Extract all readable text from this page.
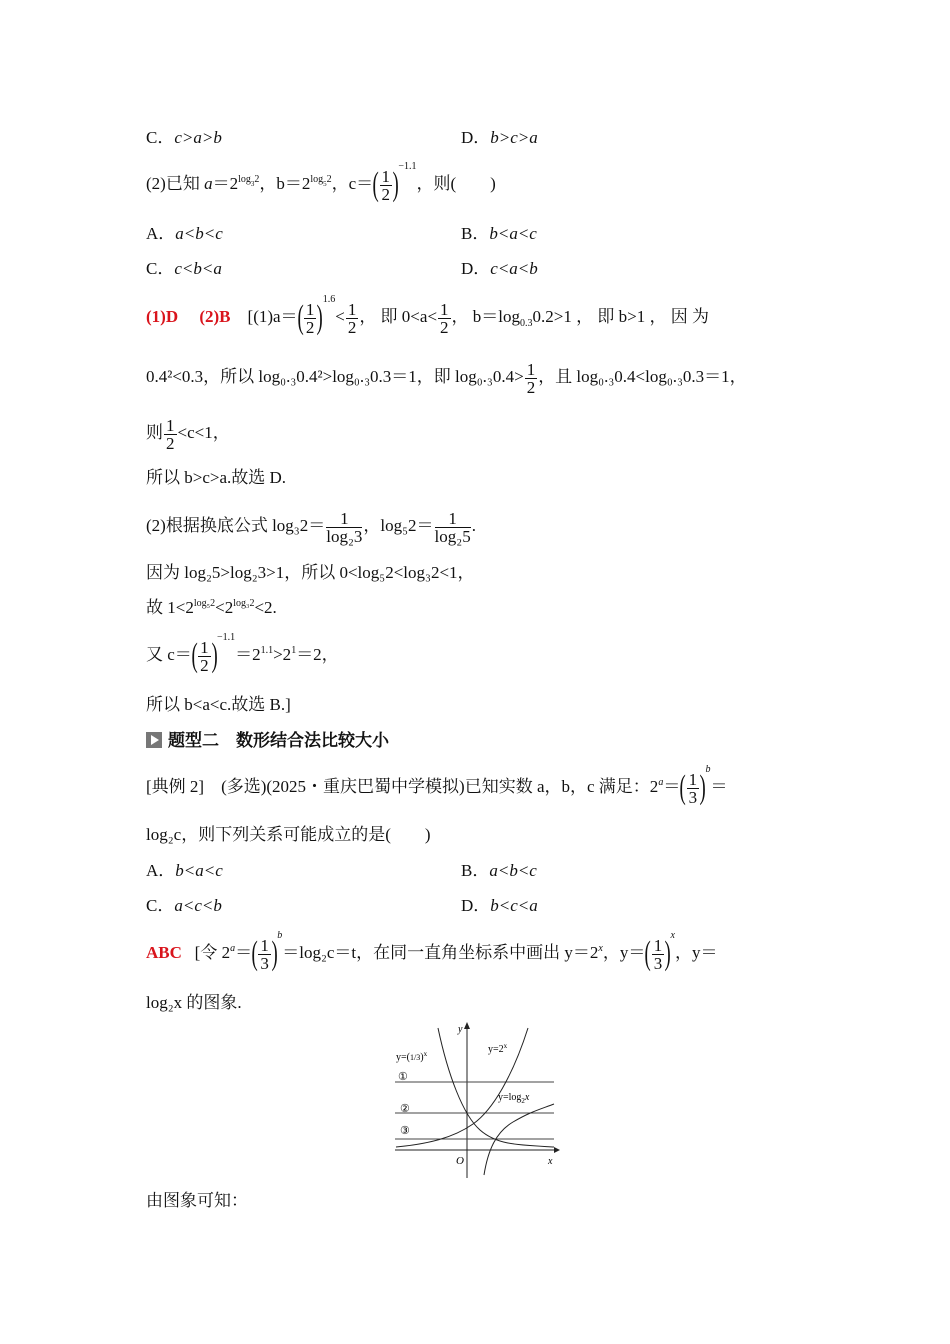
C．c>a>b	D．b>c>a
(2)已知 $a=2^{log_32}$，$b=2^{log_52}$，$c=( \frac{1}{2} )^{-1.1}$，则(　　)
A．a<b<c	B．b<a<c
C．c<b<a	D．c<a<b
(1)D (2)B [$(1)a=( \frac{1}{2} )^{1.6}< \frac{1}{2}$ ， 即 $0<a< \frac{1}{2}$ ， $b=\log_{0.3}0.2>1$ ， 即 b>1 ， 因 为
0.4²<0.3，所以 log₀.₃0.4²>log₀.₃0.3＝1，即 $\log_0._30.4> \frac{1}{2}$ ，且 log₀.₃0.4<log₀.₃0.3＝1，
则 $\frac{1}{2} <c<1$，
所以 b>c>a.故选 D.
(2)根据换底公式 $\log_32= \frac{1}{\text{log₂3}}$ ，$\log_52= \frac{1}{\text{log₂5}}$ .
因为 log₂5>log₂3>1，所以 0<log₅2<log₃2<1，
故 $1<2^{log_52}<2^{log_32}<2$.
又 $c=( \frac{1}{2} )^{-1.1}=2^{1.1}>2^1=2$，
所以 b<a<c.故选 B.]
题型二　数形结合法比较大小
[典例 2]　(多选)(2025・重庆巴蜀中学模拟)已知实数 a，b，c 满足：$2^a=( \frac{1}{3} )^b=$
log₂c，则下列关系可能成立的是(　　)
A．b<a<c	B．a<b<c
C．a<c<b	D．b<c<a
ABC [令 $2^a=( \frac{1}{3} )^b=\log_2c=t$，在同一直角坐标系中画出 $y=2^x$，$y=( \frac{1}{3} )^x$，y＝
log₂x 的图象.
$y=(1/3)^x$	$y=2^x$
$y=\log_2x$
①
②
③
O	x
y
由图象可知：
